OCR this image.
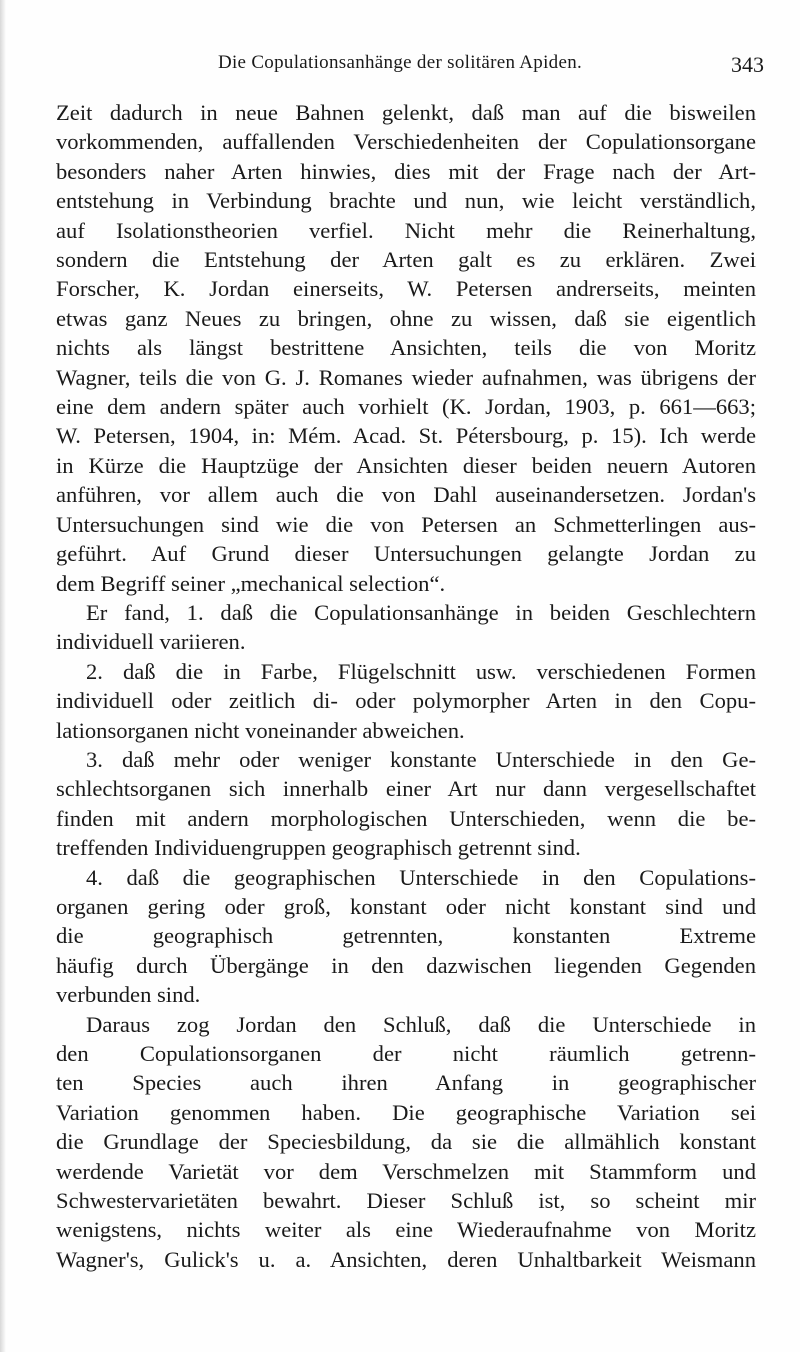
Die Copulationsanhänge der solitären Apiden.	343
Zeit dadurch in neue Bahnen gelenkt, daß man auf die bisweilen
vorkommenden, auffallenden Verschiedenheiten der Copulationsorgane
besonders naher Arten hinwies, dies mit der Frage nach der Art-
entstehung in Verbindung brachte und nun, wie leicht verständlich,
auf Isolationstheorien verfiel. Nicht mehr die Reinerhaltung,
sondern die Entstehung der Arten galt es zu erklären. Zwei
Forscher, K. Jordan einerseits, W. Petersen andrerseits, meinten
etwas ganz Neues zu bringen, ohne zu wissen, daß sie eigentlich
nichts als längst bestrittene Ansichten, teils die von Moritz
Wagner, teils die von G. J. Romanes wieder aufnahmen, was übrigens der
eine dem andern später auch vorhielt (K. Jordan, 1903, p. 661—663;
W. Petersen, 1904, in: Mém. Acad. St. Pétersbourg, p. 15). Ich werde
in Kürze die Hauptzüge der Ansichten dieser beiden neuern Autoren
anführen, vor allem auch die von Dahl auseinandersetzen. Jordan's
Untersuchungen sind wie die von Petersen an Schmetterlingen aus-
geführt. Auf Grund dieser Untersuchungen gelangte Jordan zu
dem Begriff seiner „mechanical selection“.
Er fand, 1. daß die Copulationsanhänge in beiden Geschlechtern
individuell variieren.
2. daß die in Farbe, Flügelschnitt usw. verschiedenen Formen
individuell oder zeitlich di- oder polymorpher Arten in den Copu-
lationsorganen nicht voneinander abweichen.
3. daß mehr oder weniger konstante Unterschiede in den Ge-
schlechtsorganen sich innerhalb einer Art nur dann vergesellschaftet
finden mit andern morphologischen Unterschieden, wenn die be-
treffenden Individuengruppen geographisch getrennt sind.
4. daß die geographischen Unterschiede in den Copulations-
organen gering oder groß, konstant oder nicht konstant sind und
die geographisch getrennten, konstanten Extreme
häufig durch Übergänge in den dazwischen liegenden Gegenden
verbunden sind.
Daraus zog Jordan den Schluß, daß die Unterschiede in
den Copulationsorganen der nicht räumlich getrenn-
ten Species auch ihren Anfang in geographischer
Variation genommen haben. Die geographische Variation sei
die Grundlage der Speciesbildung, da sie die allmählich konstant
werdende Varietät vor dem Verschmelzen mit Stammform und
Schwestervarietäten bewahrt. Dieser Schluß ist, so scheint mir
wenigstens, nichts weiter als eine Wiederaufnahme von Moritz
Wagner's, Gulick's u. a. Ansichten, deren Unhaltbarkeit Weismann
